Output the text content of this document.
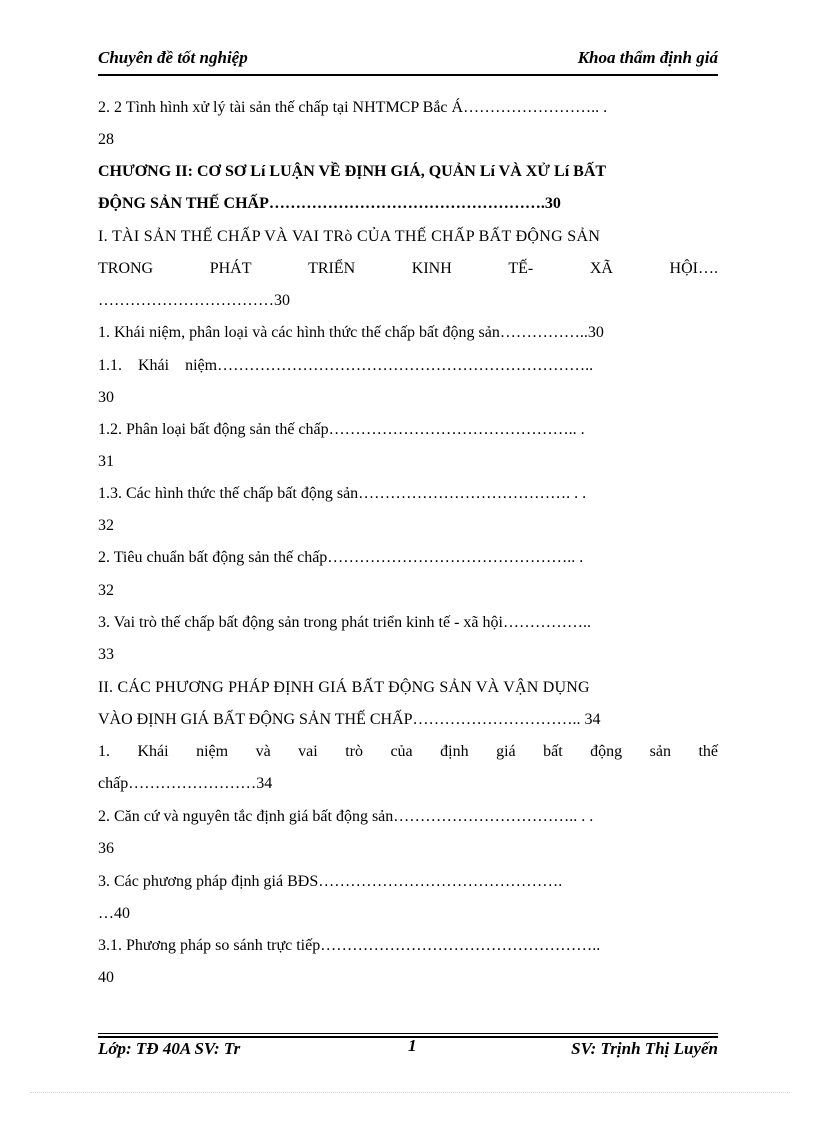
Chuyên đề tốt nghiệp	Khoa thẩm định giá
2. 2 Tình hình xử lý tài sản thế chấp tại NHTMCP Bắc Á…………………….. .
28
CHƯƠNG II: CƠ SƠ Lí LUẬN VỀ ĐỊNH GIÁ, QUẢN Lí VÀ XỬ Lí BẤT
ĐỘNG SẢN THẾ CHẤP…………………………………………….30
I. TÀI SẢN THẾ CHẤP VÀ VAI TRò CỦA THẾ CHẤP BẤT ĐỘNG SẢN
TRONG	PHÁT	TRIỂN	KINH	TẾ-	XÃ	HỘI….
……………………………30
1. Khái niệm, phân loại và các hình thức thế chấp bất động sản……………..30
1.1. Khái niệm……………………………………………………………..
30
1.2. Phân loại bất động sản thế chấp……………………………………….. .
31
1.3. Các hình thức thế chấp bất động sản…………………………………. . .
32
2. Tiêu chuẩn bất động sản thế chấp……………………………………….. .
32
3. Vai trò thế chấp bất động sản trong phát triển kinh tế - xã hội……………..
33
II. CÁC PHƯƠNG PHÁP ĐỊNH GIÁ BẤT ĐỘNG SẢN VÀ VẬN DỤNG
VÀO ĐỊNH GIÁ BẤT ĐỘNG SẢN THẾ CHẤP………………………….. 34
1. Khái niệm và vai trò của định giá bất động sản thế
chấp……………………34
2. Căn cứ và nguyên tắc định giá bất động sản…………………………….. . .
36
3. Các phương pháp định giá BĐS……………………………………….
…40
3.1. Phương pháp so sánh trực tiếp……………………………………………..
40
Lớp: TĐ 40A SV: Tr	1	SV: Trịnh Thị Luyến
